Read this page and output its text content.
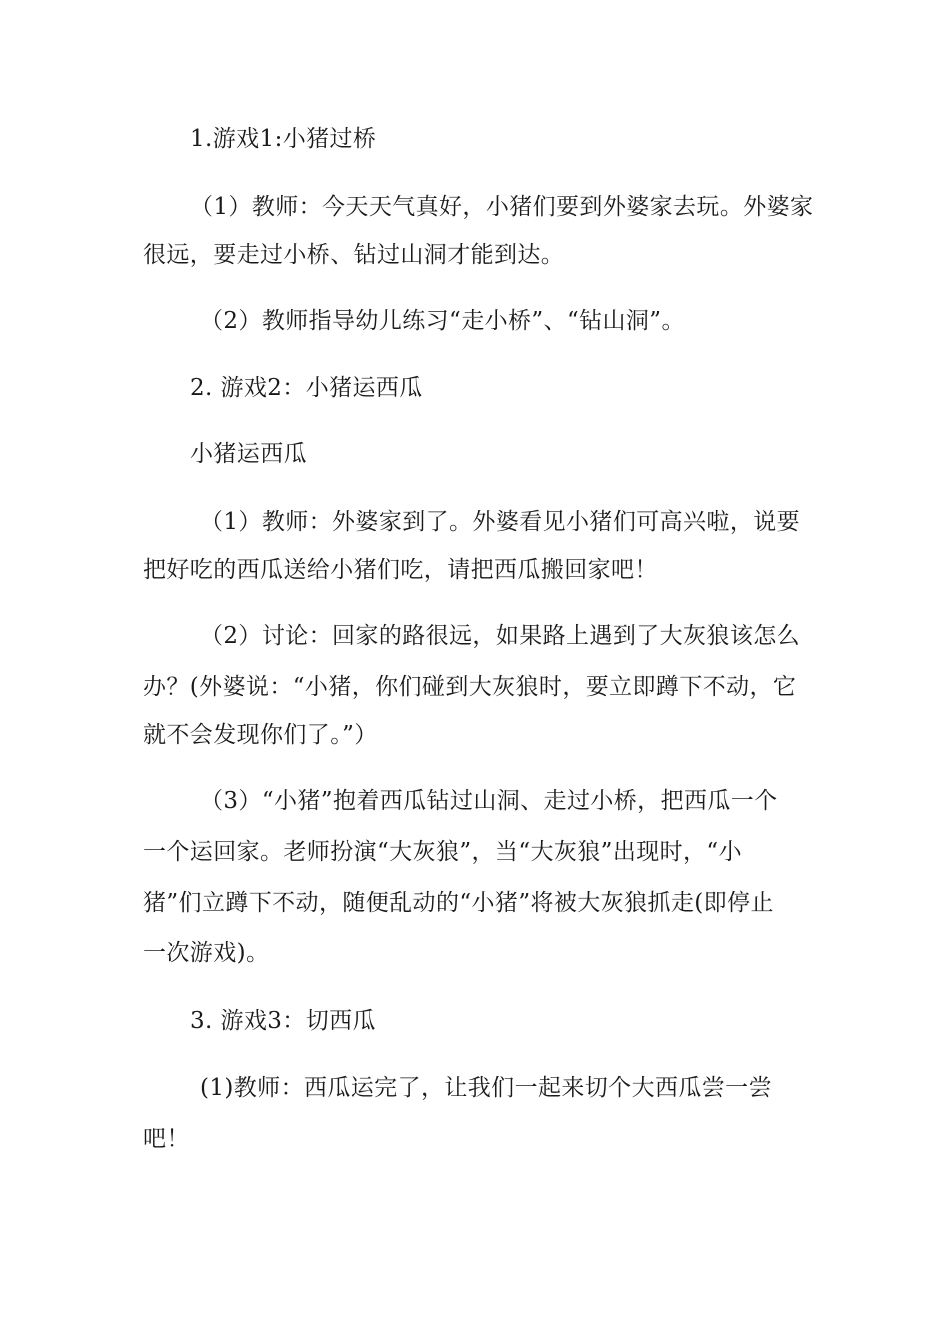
1.游戏1:小猪过桥

（1）教师：今天天气真好，小猪们要到外婆家去玩。外婆家

很远，要走过小桥、钻过山洞才能到达。

（2）教师指导幼儿练习“走小桥”、“钻山洞”。

2. 游戏2：小猪运西瓜

小猪运西瓜

（1）教师：外婆家到了。外婆看见小猪们可高兴啦，说要

把好吃的西瓜送给小猪们吃，请把西瓜搬回家吧！

（2）讨论：回家的路很远，如果路上遇到了大灰狼该怎么

办？(外婆说：“小猪，你们碰到大灰狼时，要立即蹲下不动，它

就不会发现你们了。”）

（3）“小猪”抱着西瓜钻过山洞、走过小桥，把西瓜一个

一个运回家。老师扮演“大灰狼”，当“大灰狼”出现时，“小

猪”们立蹲下不动，随便乱动的“小猪”将被大灰狼抓走(即停止

一次游戏)。

3. 游戏3：切西瓜

(1)教师：西瓜运完了，让我们一起来切个大西瓜尝一尝

吧！
